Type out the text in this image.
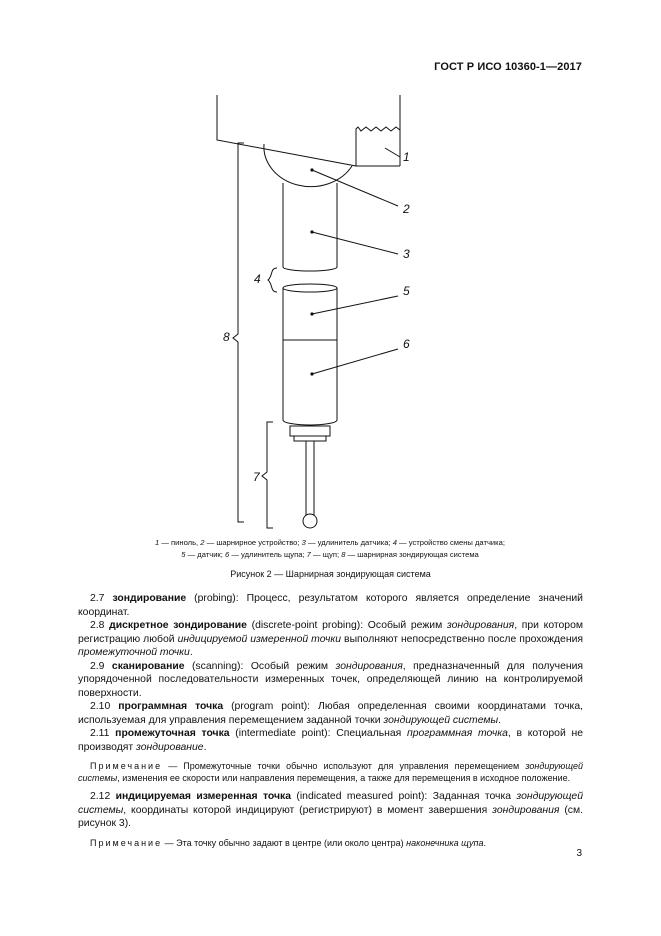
ГОСТ Р ИСО 10360-1—2017
1
2
3
4
5
6
7
8
1 — пиноль, 2 — шарнирное устройство; 3 — удлинитель датчика; 4 — устройство смены датчика;
5 — датчик; 6 — удлинитель щупа; 7 — щуп; 8 — шарнирная зондирующая система
Рисунок 2 — Шарнирная зондирующая система

2.7 зондирование (probing): Процесс, результатом которого является определение значений координат.

2.8 дискретное зондирование (discrete-point probing): Особый режим зондирования, при котором регистрацию любой индицируемой измеренной точки выполняют непосредственно после прохождения промежуточной точки.

2.9 сканирование (scanning): Особый режим зондирования, предназначенный для получения упорядоченной последовательности измеренных точек, определяющей линию на контролируемой поверхности.

2.10 программная точка (program point): Любая определенная своими координатами точка, используемая для управления перемещением заданной точки зондирующей системы.

2.11 промежуточная точка (intermediate point): Специальная программная точка, в которой не производят зондирование.

Примечание — Промежуточные точки обычно используют для управления перемещением зондирующей системы, изменения ее скорости или направления перемещения, а также для перемещения в исходное положение.

2.12 индицируемая измеренная точка (indicated measured point): Заданная точка зондирующей системы, координаты которой индицируют (регистрируют) в момент завершения зондирования (см. рисунок 3).

Примечание — Эта точку обычно задают в центре (или около центра) наконечника щупа.

3
